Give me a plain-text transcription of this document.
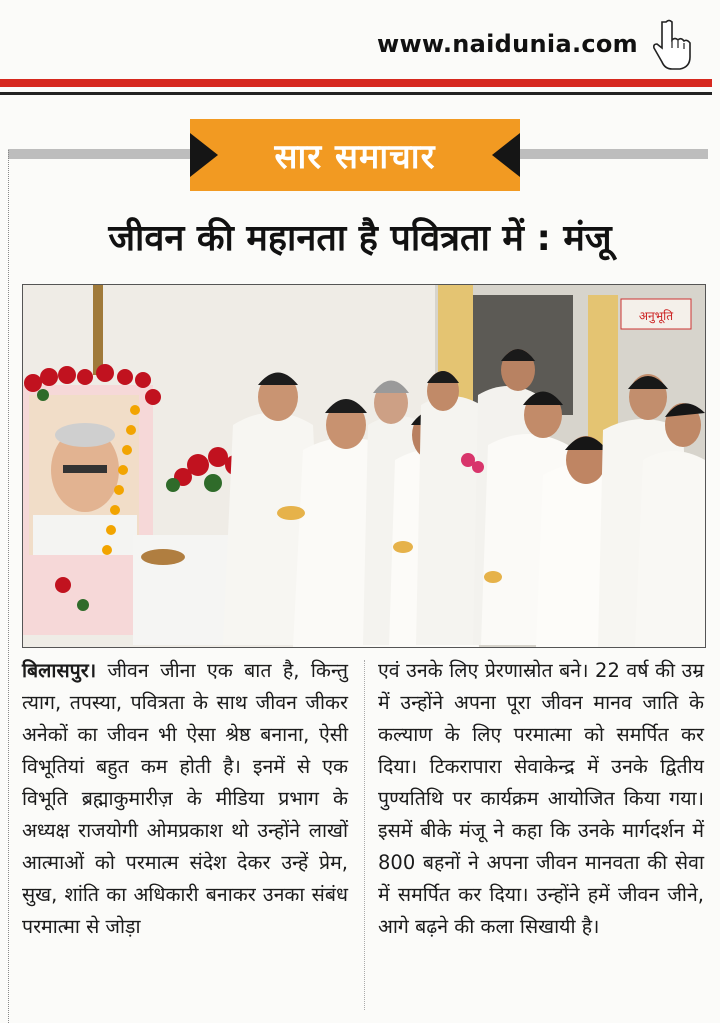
www.naidunia.com
सार समाचार
जीवन की महानता है पवित्रता में : मंजू
अनुभूति
बिलासपुर। जीवन जीना एक बात है, किन्तु त्याग, तपस्या, पवित्रता के साथ जीवन जीकर अनेकों का जीवन भी ऐसा श्रेष्ठ बनाना, ऐसी विभूतियां बहुत कम होती है। इनमें से एक विभूति ब्रह्माकुमारीज़ के मीडिया प्रभाग के अध्यक्ष राजयोगी ओमप्रकाश थो उन्होंने लाखों आत्माओं को परमात्म संदेश देकर उन्हें प्रेम, सुख, शांति का अधिकारी बनाकर उनका संबंध परमात्मा से जोड़ा
एवं उनके लिए प्रेरणास्रोत बने। 22 वर्ष की उम्र में उन्होंने अपना पूरा जीवन मानव जाति के कल्याण के लिए परमात्मा को समर्पित कर दिया। टिकरापारा सेवाकेन्द्र में उनके द्वितीय पुण्यतिथि पर कार्यक्रम आयोजित किया गया। इसमें बीके मंजू ने कहा कि उनके मार्गदर्शन में 800 बहनों ने अपना जीवन मानवता की सेवा में समर्पित कर दिया। उन्होंने हमें जीवन जीने, आगे बढ़ने की कला सिखायी है।
